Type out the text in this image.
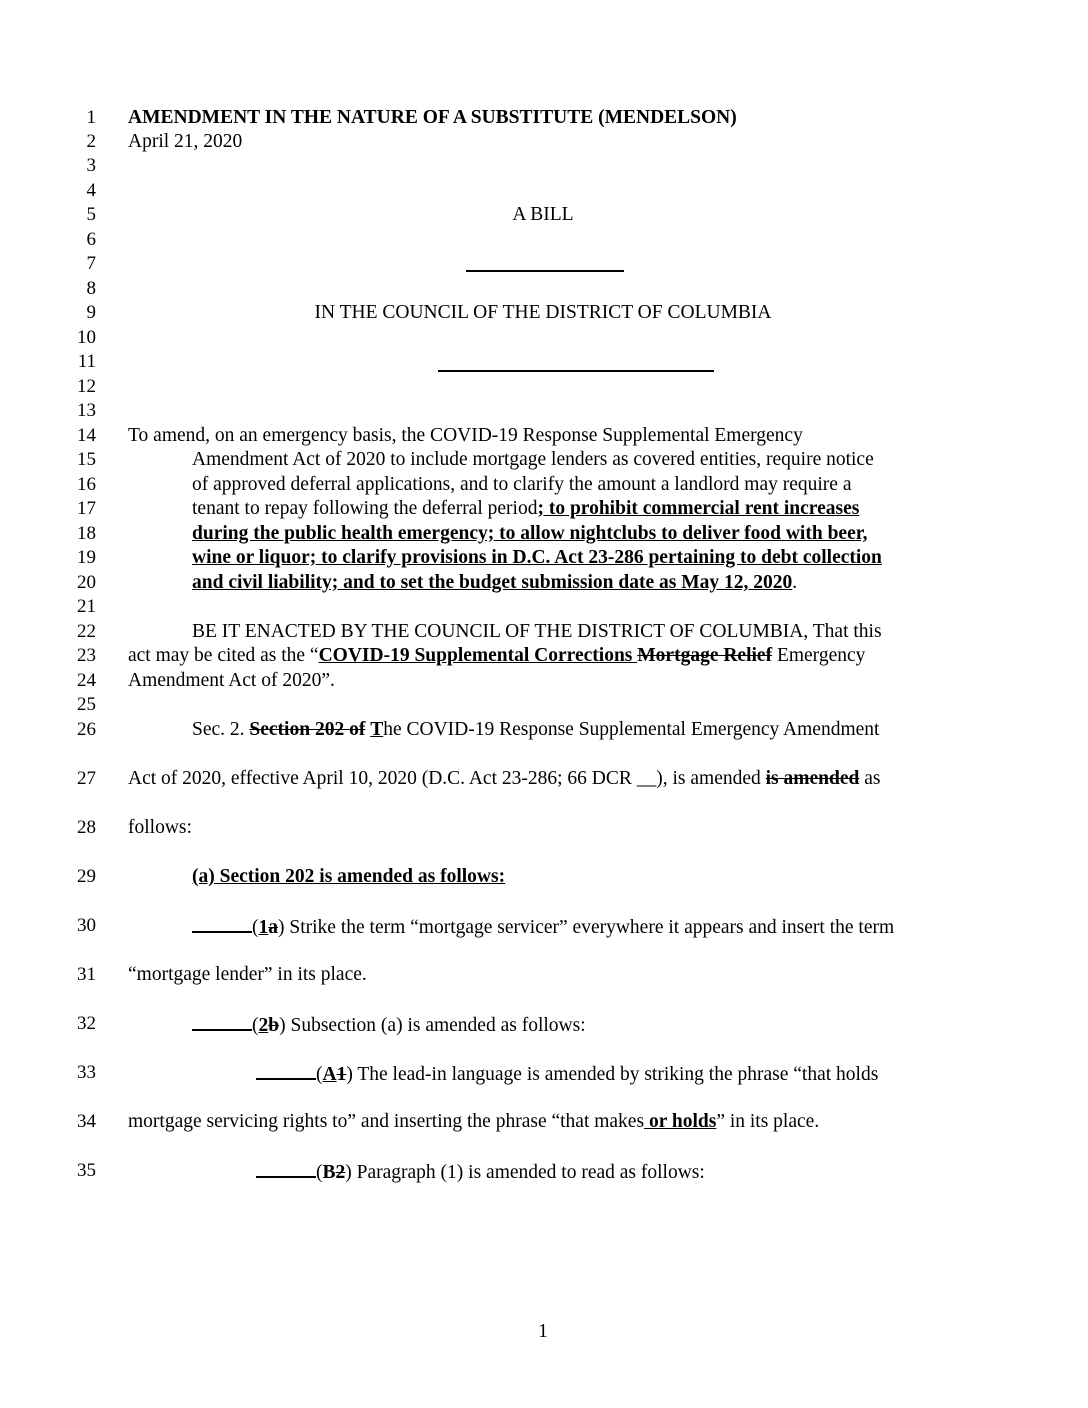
1
2
3
4
5
6
7
8
9
10
11
12
13
14
15
16
17
18
19
20
21
22
23
24
25
26
27
28
29
30
31
32
33
34
35
AMENDMENT IN THE NATURE OF A SUBSTITUTE (MENDELSON)
April 21, 2020
A BILL
IN THE COUNCIL OF THE DISTRICT OF COLUMBIA
To amend, on an emergency basis, the COVID-19 Response Supplemental Emergency
Amendment Act of 2020 to include mortgage lenders as covered entities, require notice
of approved deferral applications, and to clarify the amount a landlord may require a
tenant to repay following the deferral period; to prohibit commercial rent increases
during the public health emergency; to allow nightclubs to deliver food with beer,
wine or liquor; to clarify provisions in D.C. Act 23-286 pertaining to debt collection
and civil liability; and to set the budget submission date as May 12, 2020.
BE IT ENACTED BY THE COUNCIL OF THE DISTRICT OF COLUMBIA, That this
act may be cited as the “COVID-19 Supplemental Corrections Mortgage Relief Emergency
Amendment Act of 2020”.
Sec. 2. Section 202 of The COVID-19 Response Supplemental Emergency Amendment
Act of 2020, effective April 10, 2020 (D.C. Act 23-286; 66 DCR __), is amended is amended as
follows:
(a) Section 202 is amended as follows:
(1a) Strike the term “mortgage servicer” everywhere it appears and insert the term
“mortgage lender” in its place.
(2b) Subsection (a) is amended as follows:
(A1) The lead-in language is amended by striking the phrase “that holds
mortgage servicing rights to” and inserting the phrase “that makes or holds” in its place.
(B2) Paragraph (1) is amended to read as follows:
1
